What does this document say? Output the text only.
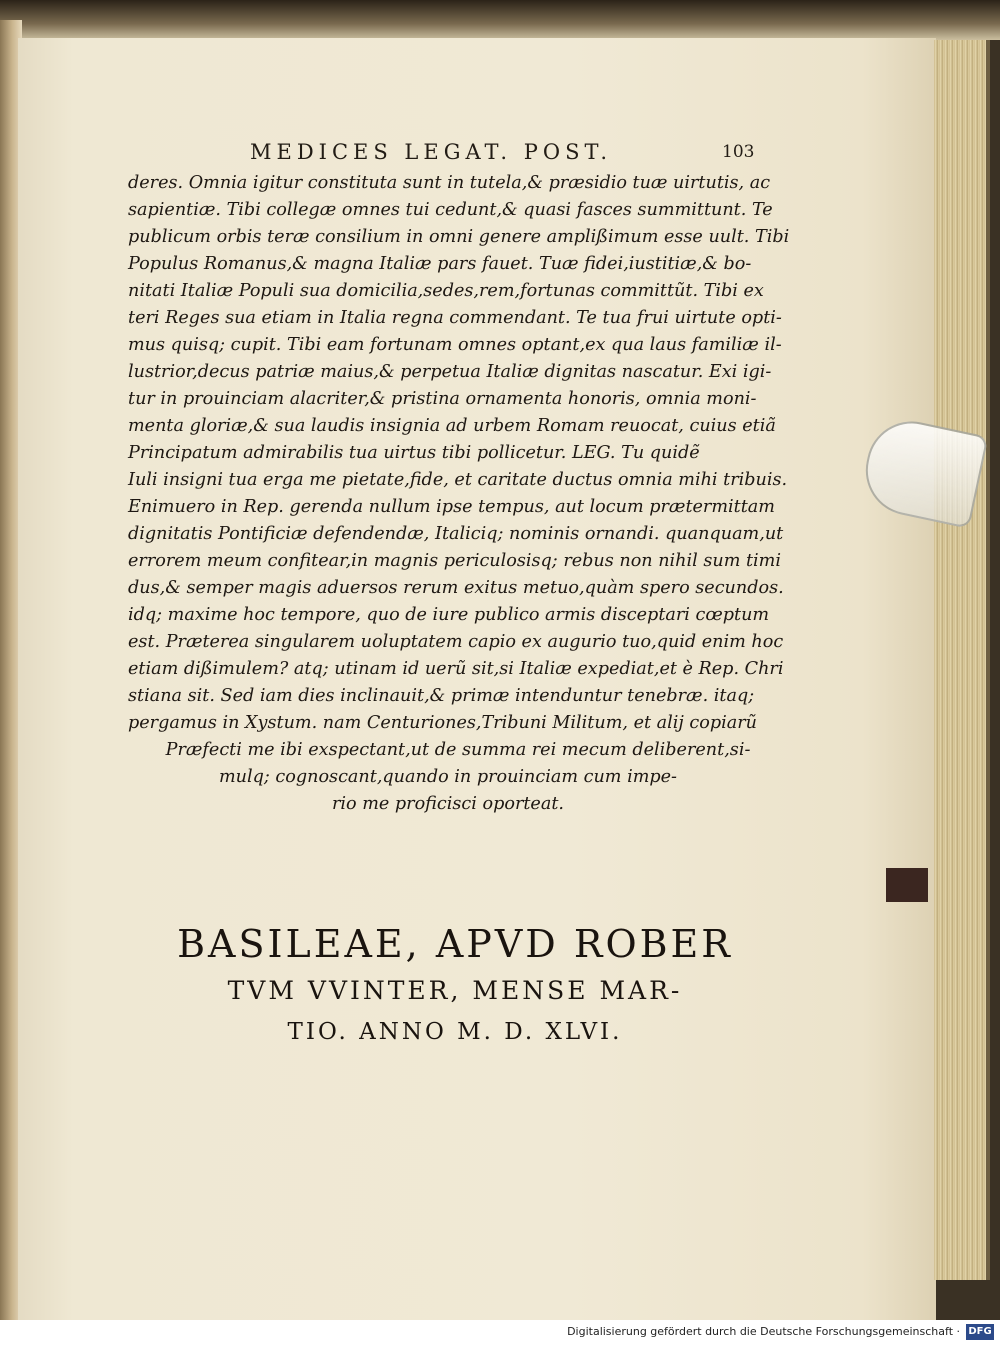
MEDICES LEGAT. POST.	103
deres. Omnia igitur constituta sunt in tutela,& præsidio tuæ uirtutis, ac
sapientiæ. Tibi collegæ omnes tui cedunt,& quasi fasces summittunt. Te
publicum orbis teræ consilium in omni genere amplißimum esse uult. Tibi
Populus Romanus,& magna Italiæ pars fauet. Tuæ fidei,iustitiæ,& bo-
nitati Italiæ Populi sua domicilia,sedes,rem,fortunas committũt. Tibi ex
teri Reges sua etiam in Italia regna commendant. Te tua frui uirtute opti-
mus quisq; cupit. Tibi eam fortunam omnes optant,ex qua laus familiæ il-
lustrior,decus patriæ maius,& perpetua Italiæ dignitas nascatur. Exi igi-
tur in prouinciam alacriter,& pristina ornamenta honoris, omnia moni-
menta gloriæ,& sua laudis insignia ad urbem Romam reuocat, cuius etiã
Principatum admirabilis tua uirtus tibi pollicetur. LEG. Tu quidẽ
Iuli insigni tua erga me pietate,fide, et caritate ductus omnia mihi tribuis.
Enimuero in Rep. gerenda nullum ipse tempus, aut locum prætermittam
dignitatis Pontificiæ defendendæ, Italiciq; nominis ornandi. quanquam,ut
errorem meum confitear,in magnis periculosisq; rebus non nihil sum timi
dus,& semper magis aduersos rerum exitus metuo,quàm spero secundos.
idq; maxime hoc tempore, quo de iure publico armis disceptari cœptum
est. Præterea singularem uoluptatem capio ex augurio tuo,quid enim hoc
etiam dißimulem? atq; utinam id uerũ sit,si Italiæ expediat,et è Rep. Chri
stiana sit. Sed iam dies inclinauit,& primæ intenduntur tenebræ. itaq;
pergamus in Xystum. nam Centuriones,Tribuni Militum, et alij copiarũ
Præfecti me ibi exspectant,ut de summa rei mecum deliberent,si-
mulq; cognoscant,quando in prouinciam cum impe-
rio me proficisci oporteat.
BASILEAE, APVD ROBER
TVM VVINTER, MENSE MAR-
TIO. ANNO M. D. XLVI.
Digitalisierung gefördert durch die Deutsche Forschungsgemeinschaft · DFG
